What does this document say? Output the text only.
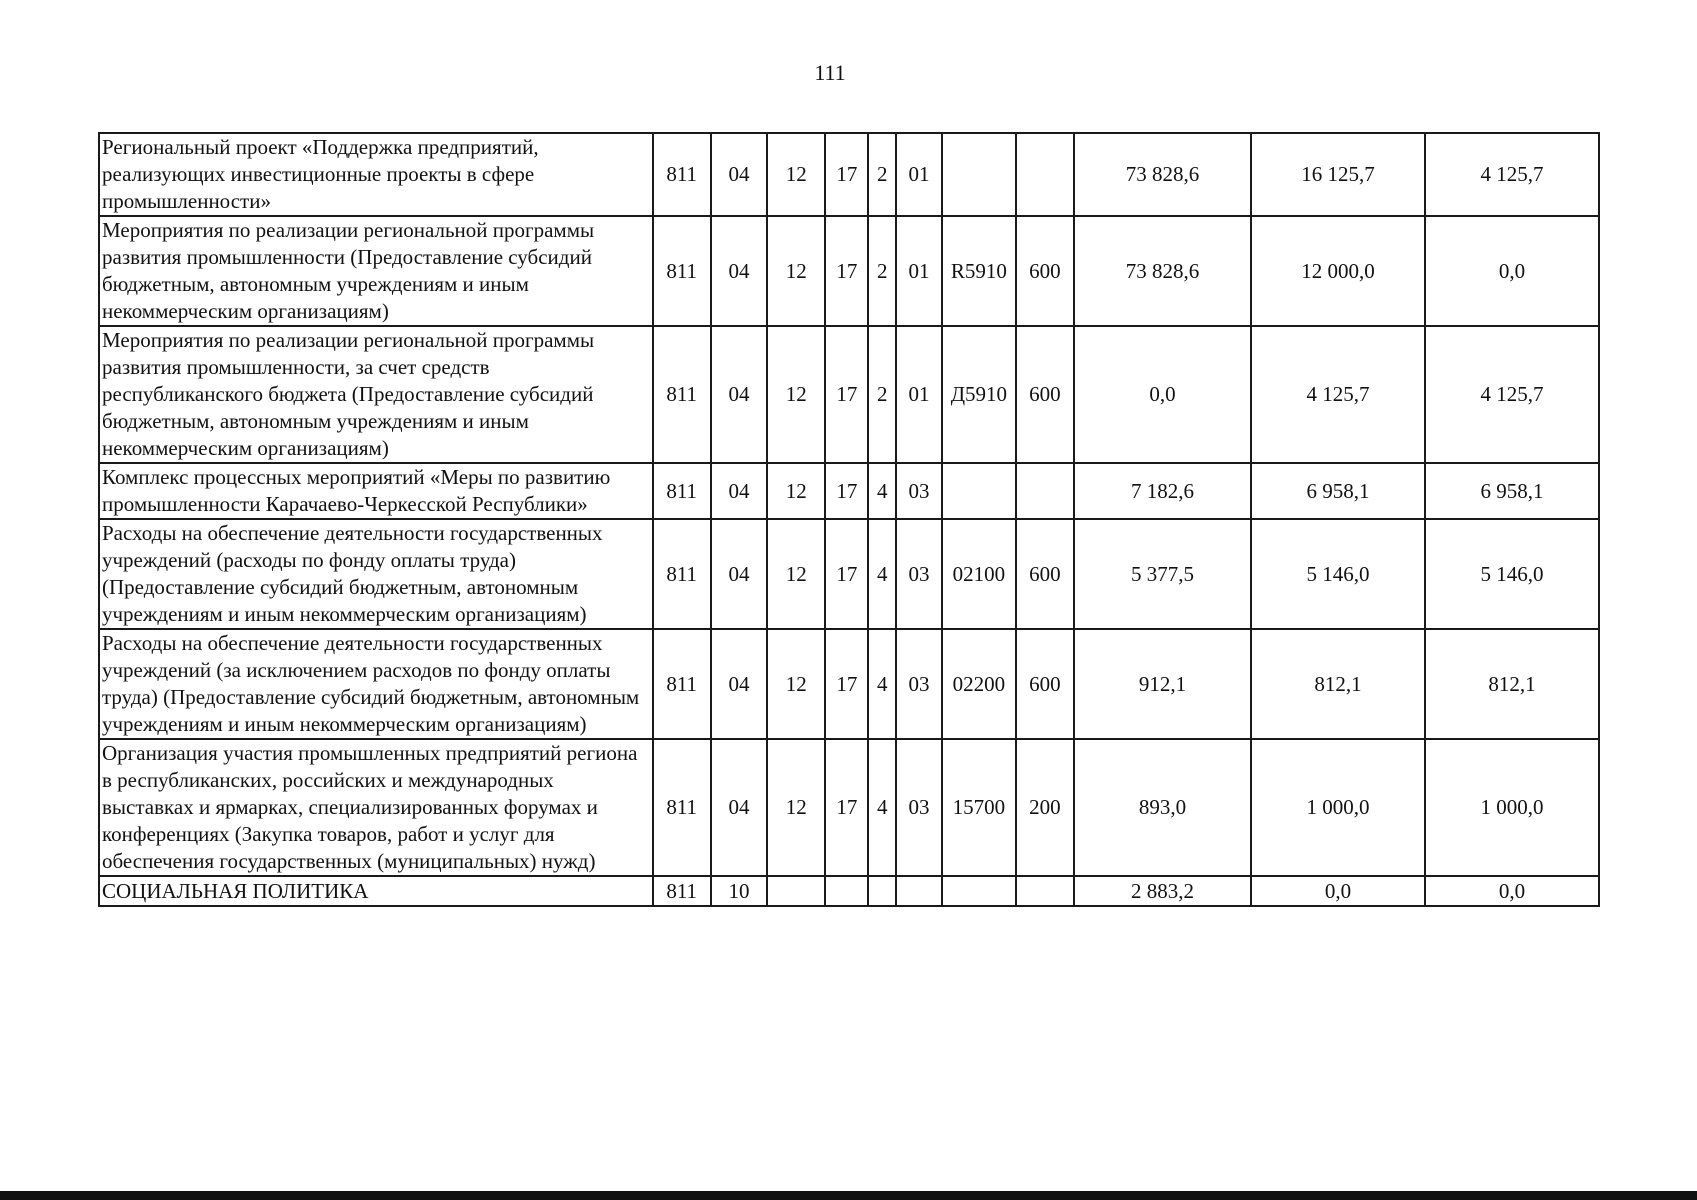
111
Региональный проект «Поддержка предприятий, реализующих инвестиционные проекты в сфере промышленности»	811	04	12	17	2	01			73 828,6	16 125,7	4 125,7
Мероприятия по реализации региональной программы развития промышленности (Предоставление субсидий бюджетным, автономным учреждениям и иным некоммерческим организациям)	811	04	12	17	2	01	R5910	600	73 828,6	12 000,0	0,0
Мероприятия по реализации региональной программы развития промышленности, за счет средств республиканского бюджета (Предоставление субсидий бюджетным, автономным учреждениям и иным некоммерческим организациям)	811	04	12	17	2	01	Д5910	600	0,0	4 125,7	4 125,7
Комплекс процессных мероприятий «Меры по развитию промышленности Карачаево-Черкесской Республики»	811	04	12	17	4	03			7 182,6	6 958,1	6 958,1
Расходы на обеспечение деятельности государственных учреждений (расходы по фонду оплаты труда) (Предоставление субсидий бюджетным, автономным учреждениям и иным некоммерческим организациям)	811	04	12	17	4	03	02100	600	5 377,5	5 146,0	5 146,0
Расходы на обеспечение деятельности государственных учреждений (за исключением расходов по фонду оплаты труда) (Предоставление субсидий бюджетным, автономным учреждениям и иным некоммерческим организациям)	811	04	12	17	4	03	02200	600	912,1	812,1	812,1
Организация участия промышленных предприятий региона в республиканских, российских и международных выставках и ярмарках, специализированных форумах и конференциях (Закупка товаров, работ и услуг для обеспечения государственных (муниципальных) нужд)	811	04	12	17	4	03	15700	200	893,0	1 000,0	1 000,0
СОЦИАЛЬНАЯ ПОЛИТИКА	811	10							2 883,2	0,0	0,0
